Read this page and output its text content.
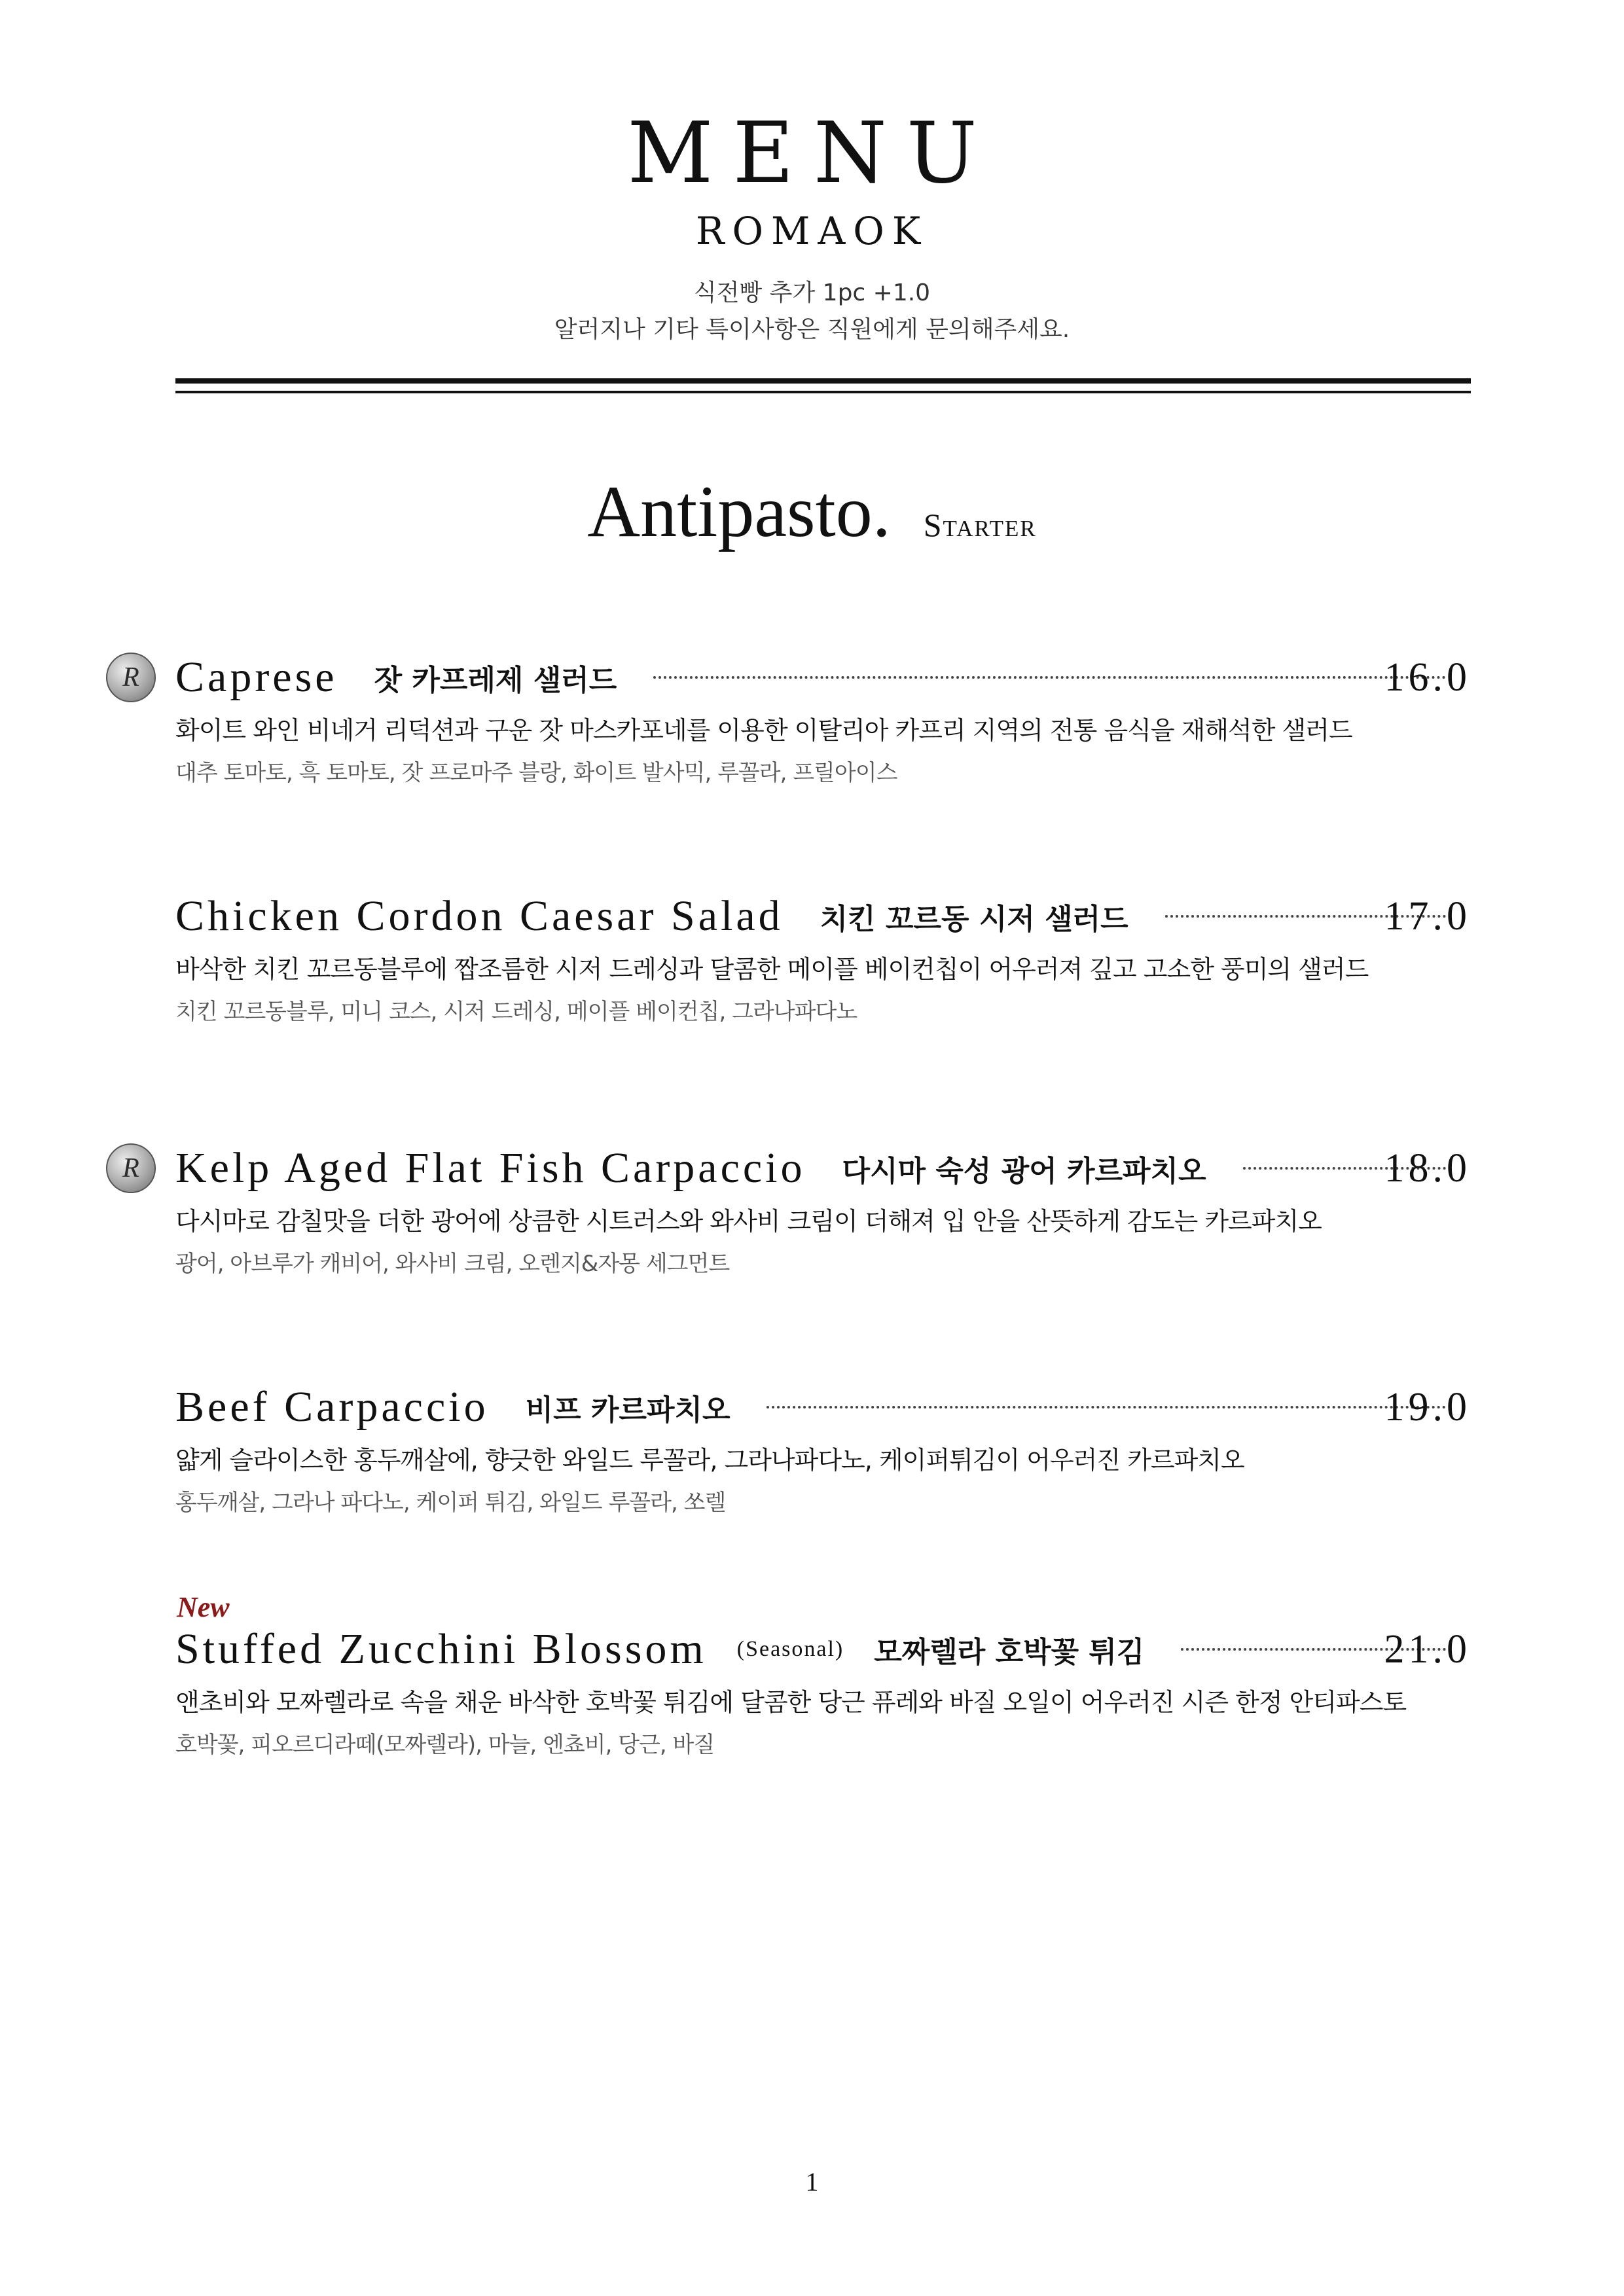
MENU
ROMAOK
식전빵 추가 1pc +1.0
알러지나 기타 특이사항은 직원에게 문의해주세요.
Antipasto. Starter
R Caprese 잣 카프레제 샐러드	16.0
화이트 와인 비네거 리덕션과 구운 잣 마스카포네를 이용한 이탈리아 카프리 지역의 전통 음식을 재해석한 샐러드
대추 토마토, 흑 토마토, 잣 프로마주 블랑, 화이트 발사믹, 루꼴라, 프릴아이스
Chicken Cordon Caesar Salad 치킨 꼬르동 시저 샐러드	17.0
바삭한 치킨 꼬르동블루에 짭조름한 시저 드레싱과 달콤한 메이플 베이컨칩이 어우러져 깊고 고소한 풍미의 샐러드
치킨 꼬르동블루, 미니 코스, 시저 드레싱, 메이플 베이컨칩, 그라나파다노
R Kelp Aged Flat Fish Carpaccio 다시마 숙성 광어 카르파치오	18.0
다시마로 감칠맛을 더한 광어에 상큼한 시트러스와 와사비 크림이 더해져 입 안을 산뜻하게 감도는 카르파치오
광어, 아브루가 캐비어, 와사비 크림, 오렌지&자몽 세그먼트
Beef Carpaccio 비프 카르파치오	19.0
얇게 슬라이스한 홍두깨살에, 향긋한 와일드 루꼴라, 그라나파다노, 케이퍼튀김이 어우러진 카르파치오
홍두깨살, 그라나 파다노, 케이퍼 튀김, 와일드 루꼴라, 쏘렐
New
Stuffed Zucchini Blossom (Seasonal) 모짜렐라 호박꽃 튀김	21.0
앤초비와 모짜렐라로 속을 채운 바삭한 호박꽃 튀김에 달콤한 당근 퓨레와 바질 오일이 어우러진 시즌 한정 안티파스토
호박꽃, 피오르디라떼(모짜렐라), 마늘, 엔쵸비, 당근, 바질
1
